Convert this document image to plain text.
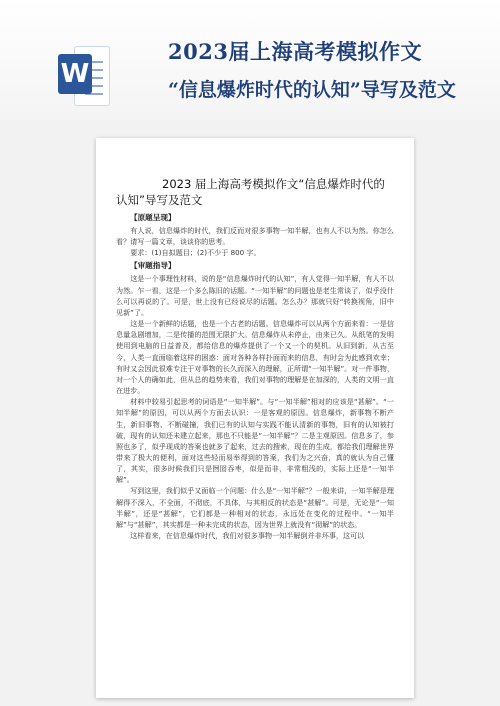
W
2023届上海高考模拟作文
“信息爆炸时代的认知”导写及范文
2023 届上海高考模拟作文“信息爆炸时代的认知”导写及范文
【原题呈现】

有人说，信息爆炸的时代，我们反而对很多事物一知半解，也有人不以为然。你怎么看？请写一篇文章，谈谈你的思考。

要求：(1)自拟题目；(2)不少于 800 字。

【审题指导】

这是一个事理性材料，说的是“信息爆炸时代的认知”，有人觉得一知半解，有人不以为然。乍一看，这是一个多么陈旧的话题。“一知半解”的问题也是老生常谈了，似乎没什么可以再说的了。可是，世上没有已经说尽的话题。怎么办？那就只好“转换视角，旧中见新”了。

这是一个新鲜的话题，也是一个古老的话题。信息爆炸可以从两个方面来看：一是信息量急剧增加，二是传播的范围无限扩大。信息爆炸从未停止，由来已久。从纸笔的发明使用到电脑的日益普及，都给信息的爆炸提供了一个又一个的契机。从旧到新，从古至今，人类一直面临着这样的困惑：面对各种各样扑面而来的信息，有时会为此感到欢幸；有时又会因此很难专注于对事物的长久而深入的理解，正所谓“一知半解”。对一件事物，对一个人的确如此，但从总的趋势来看，我们对事物的理解是在加深的，人类的文明一直在进步。

材料中较易引起思考的词语是“一知半解”。与“一知半解”相对的应该是“甚解”。“一知半解”的原因，可以从两个方面去认识：一是客观的原因。信息爆炸，新事物不断产生，新旧事物、不断碰撞，我们已有的认知与实践不能认清新的事物，旧有的认知被打破，现有的认知还未建立起来，那也不只能是“一知半解”？二是主观原因。信息多了，参照也多了，似乎现成的答案也就多了起来，过去的搜索，现在的生成，都给我们理解世界带来了极大的便利，面对这些轻而易举得到的答案，我们为之兴奋，真的就认为自己懂了，其实，很多时候我们只是囫囵吞枣，似是而非，非常粗浅的，实际上还是“一知半解”。

写到这里，我们似乎又面临一个问题：什么是“一知半解”？一般来讲，一知半解是理解得不深入，不全面，不彻底，不具体，与其相反的状态是“甚解”。可是，无论是“一知半解”，还是“甚解”，它们都是一种相对的状态，永远处在变化的过程中。“一知半解”与“甚解”，其实都是一种未完成的状态，因为世界上就没有“彻解”的状态。

这样看来，在信息爆炸时代，我们对很多事物一知半解倒并非坏事，这可以
